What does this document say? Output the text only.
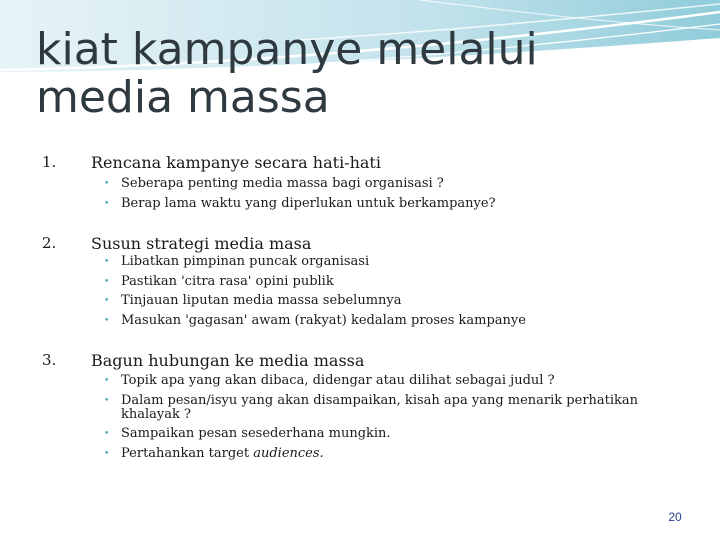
kiat kampanye melalui media massa
1. Rencana kampanye secara hati-hati
• Seberapa penting media massa bagi organisasi ?
• Berap lama waktu yang diperlukan untuk berkampanye?
2. Susun strategi media masa
• Libatkan pimpinan puncak organisasi
• Pastikan 'citra rasa' opini publik
• Tinjauan liputan media massa sebelumnya
• Masukan 'gagasan' awam (rakyat) kedalam proses kampanye
3. Bagun hubungan ke media massa
• Topik apa yang akan dibaca, didengar atau dilihat sebagai judul ?
• Dalam pesan/isyu yang akan disampaikan, kisah apa yang menarik perhatikan khalayak ?
• Sampaikan pesan sesederhana mungkin.
• Pertahankan target audiences.
20
